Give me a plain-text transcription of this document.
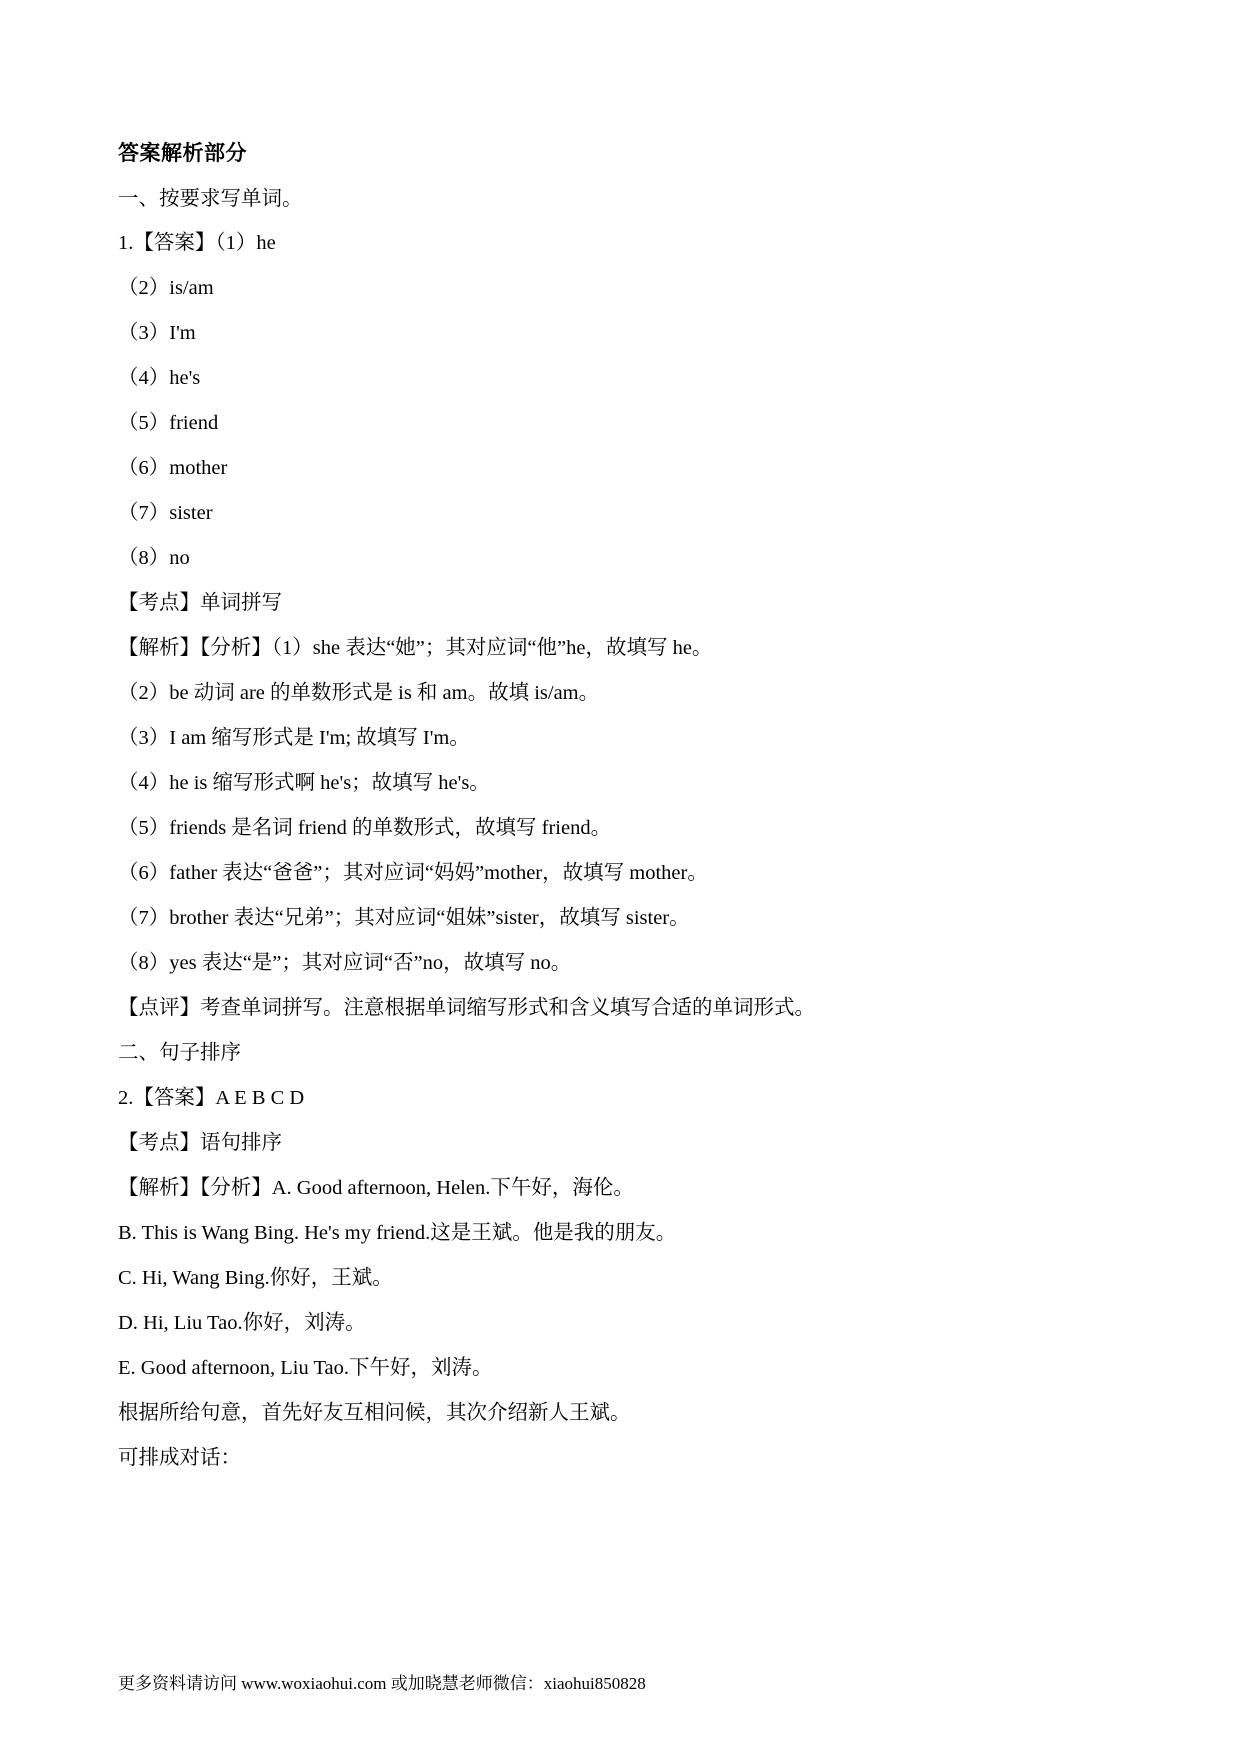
答案解析部分

一、按要求写单词。

1.【答案】（1）he

（2）is/am

（3）I'm

（4）he's

（5）friend

（6）mother

（7）sister

（8）no

【考点】单词拼写

【解析】【分析】（1）she 表达“她”；其对应词“他”he，故填写 he。

（2）be 动词 are 的单数形式是 is 和 am。故填 is/am。

（3）I am 缩写形式是 I'm; 故填写 I'm。

（4）he is 缩写形式啊 he's；故填写 he's。

（5）friends 是名词 friend 的单数形式，故填写 friend。

（6）father 表达“爸爸”；其对应词“妈妈”mother，故填写 mother。

（7）brother 表达“兄弟”；其对应词“姐妹”sister，故填写 sister。

（8）yes 表达“是”；其对应词“否”no，故填写 no。

【点评】考查单词拼写。注意根据单词缩写形式和含义填写合适的单词形式。

二、句子排序

2.【答案】A E B C D

【考点】语句排序

【解析】【分析】A. Good afternoon, Helen.下午好，海伦。

B. This is Wang Bing. He's my friend.这是王斌。他是我的朋友。

C. Hi, Wang Bing.你好，王斌。

D. Hi, Liu Tao.你好，刘涛。

E. Good afternoon, Liu Tao.下午好，刘涛。

根据所给句意，首先好友互相问候，其次介绍新人王斌。

可排成对话：

更多资料请访问 www.woxiaohui.com 或加晓慧老师微信：xiaohui850828
